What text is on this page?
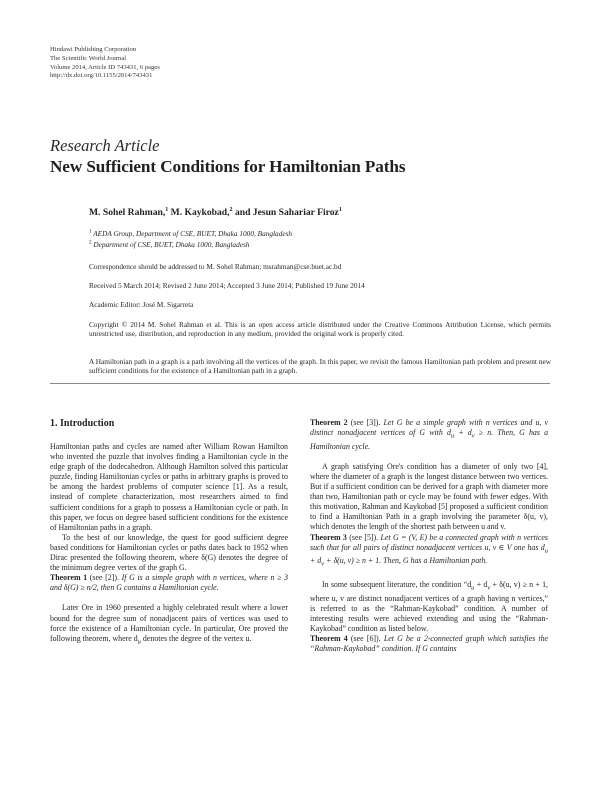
Hindawi Publishing Corporation
The Scientific World Journal
Volume 2014, Article ID 743431, 6 pages
http://dx.doi.org/10.1155/2014/743431
Research Article
New Sufficient Conditions for Hamiltonian Paths
M. Sohel Rahman,$^1$ M. Kaykobad,$^2$ and Jesun Sahariar Firoz$^1$
$^1$ AEDA Group, Department of CSE, BUET, Dhaka 1000, Bangladesh
$^2$ Department of CSE, BUET, Dhaka 1000, Bangladesh
Correspondence should be addressed to M. Sohel Rahman; msrahman@cse.buet.ac.bd
Received 5 March 2014; Revised 2 June 2014; Accepted 3 June 2014; Published 19 June 2014
Academic Editor: José M. Sigarreta
Copyright © 2014 M. Sohel Rahman et al. This is an open access article distributed under the Creative Commons Attribution License, which permits unrestricted use, distribution, and reproduction in any medium, provided the original work is properly cited.
A Hamiltonian path in a graph is a path involving all the vertices of the graph. In this paper, we revisit the famous Hamiltonian path problem and present new sufficient conditions for the existence of a Hamiltonian path in a graph.
1. Introduction

Hamiltonian paths and cycles are named after William Rowan Hamilton who invented the puzzle that involves finding a Hamiltonian cycle in the edge graph of the dodecahedron. Although Hamilton solved this particular puzzle, finding Hamiltonian cycles or paths in arbitrary graphs is proved to be among the hardest problems of computer science [1]. As a result, instead of complete characterization, most researchers aimed to find sufficient conditions for a graph to possess a Hamiltonian cycle or path. In this paper, we focus on degree based sufficient conditions for the existence of Hamiltonian paths in a graph.

To the best of our knowledge, the quest for good sufficient degree based conditions for Hamiltonian cycles or paths dates back to 1952 when Dirac presented the following theorem, where δ(G) denotes the degree of the minimum degree vertex of the graph G.

Theorem 1 (see [2]). If G is a simple graph with n vertices, where n ≥ 3 and δ(G) ≥ n/2, then G contains a Hamiltonian cycle.

Later Ore in 1960 presented a highly celebrated result where a lower bound for the degree sum of nonadjacent pairs of vertices was used to force the existence of a Hamiltonian cycle. In particular, Ore proved the following theorem, where $d_u$ denotes the degree of the vertex u.

Theorem 2 (see [3]). Let G be a simple graph with n vertices and u, v distinct nonadjacent vertices of G with $d_u + d_v \ge n$. Then, G has a Hamiltonian cycle.

A graph satisfying Ore's condition has a diameter of only two [4], where the diameter of a graph is the longest distance between two vertices. But if a sufficient condition can be derived for a graph with diameter more than two, Hamiltonian path or cycle may be found with fewer edges. With this motivation, Rahman and Kaykobad [5] proposed a sufficient condition to find a Hamiltonian Path in a graph involving the parameter δ(u, v), which denotes the length of the shortest path between u and v.

Theorem 3 (see [5]). Let G = (V, E) be a connected graph with n vertices such that for all pairs of distinct nonadjacent vertices u, v ∈ V one has $d_u + d_v + \delta(u$, v) ≥ n + 1. Then, G has a Hamiltonian path.

In some subsequent literature, the condition “$d_u + d_v + \delta(u$, v) ≥ n + 1, where u, v are distinct nonadjacent vertices of a graph having n vertices,” is referred to as the “Rahman-Kaykobad” condition. A number of interesting results were achieved extending and using the “Rahman-Kaykobad” condition as listed below.

Theorem 4 (see [6]). Let G be a 2-connected graph which satisfies the “Rahman-Kaykobad” condition. If G contains
